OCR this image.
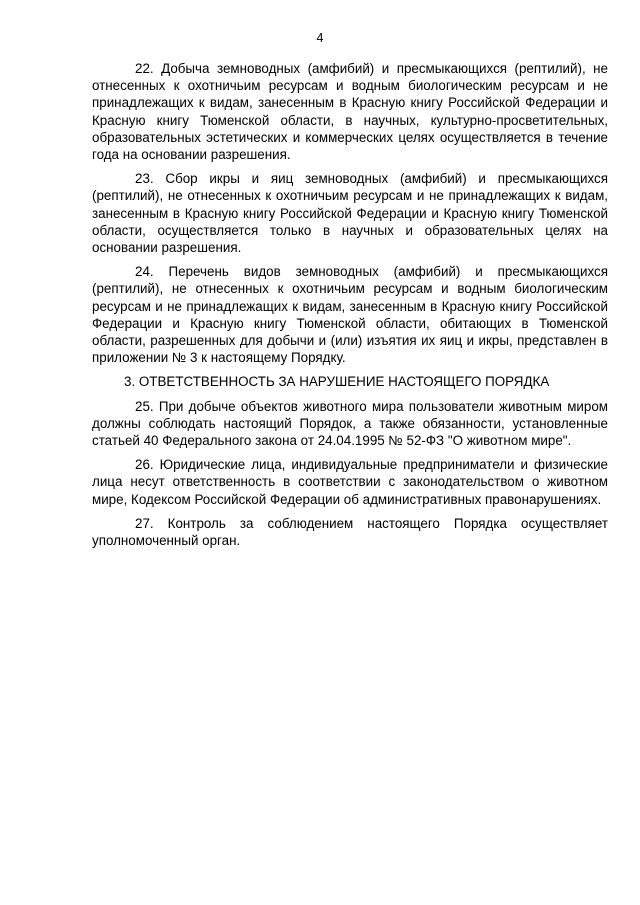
4

22. Добыча земноводных (амфибий) и пресмыкающихся (рептилий), не отнесенных к охотничьим ресурсам и водным биологическим ресурсам и не принадлежащих к видам, занесенным в Красную книгу Российской Федерации и Красную книгу Тюменской области, в научных, культурно-просветительных, образовательных эстетических и коммерческих целях осуществляется в течение года на основании разрешения.

23. Сбор икры и яиц земноводных (амфибий) и пресмыкающихся (рептилий), не отнесенных к охотничьим ресурсам и не принадлежащих к видам, занесенным в Красную книгу Российской Федерации и Красную книгу Тюменской области, осуществляется только в научных и образовательных целях на основании разрешения.

24. Перечень видов земноводных (амфибий) и пресмыкающихся (рептилий), не отнесенных к охотничьим ресурсам и водным биологическим ресурсам и не принадлежащих к видам, занесенным в Красную книгу Российской Федерации и Красную книгу Тюменской области, обитающих в Тюменской области, разрешенных для добычи и (или) изъятия их яиц и икры, представлен в приложении № 3 к настоящему Порядку.

3. ОТВЕТСТВЕННОСТЬ ЗА НАРУШЕНИЕ НАСТОЯЩЕГО ПОРЯДКА

25. При добыче объектов животного мира пользователи животным миром должны соблюдать настоящий Порядок, а также обязанности, установленные статьей 40 Федерального закона от 24.04.1995 № 52-ФЗ "О животном мире".

26. Юридические лица, индивидуальные предприниматели и физические лица несут ответственность в соответствии с законодательством о животном мире, Кодексом Российской Федерации об административных правонарушениях.

27. Контроль за соблюдением настоящего Порядка осуществляет уполномоченный орган.
